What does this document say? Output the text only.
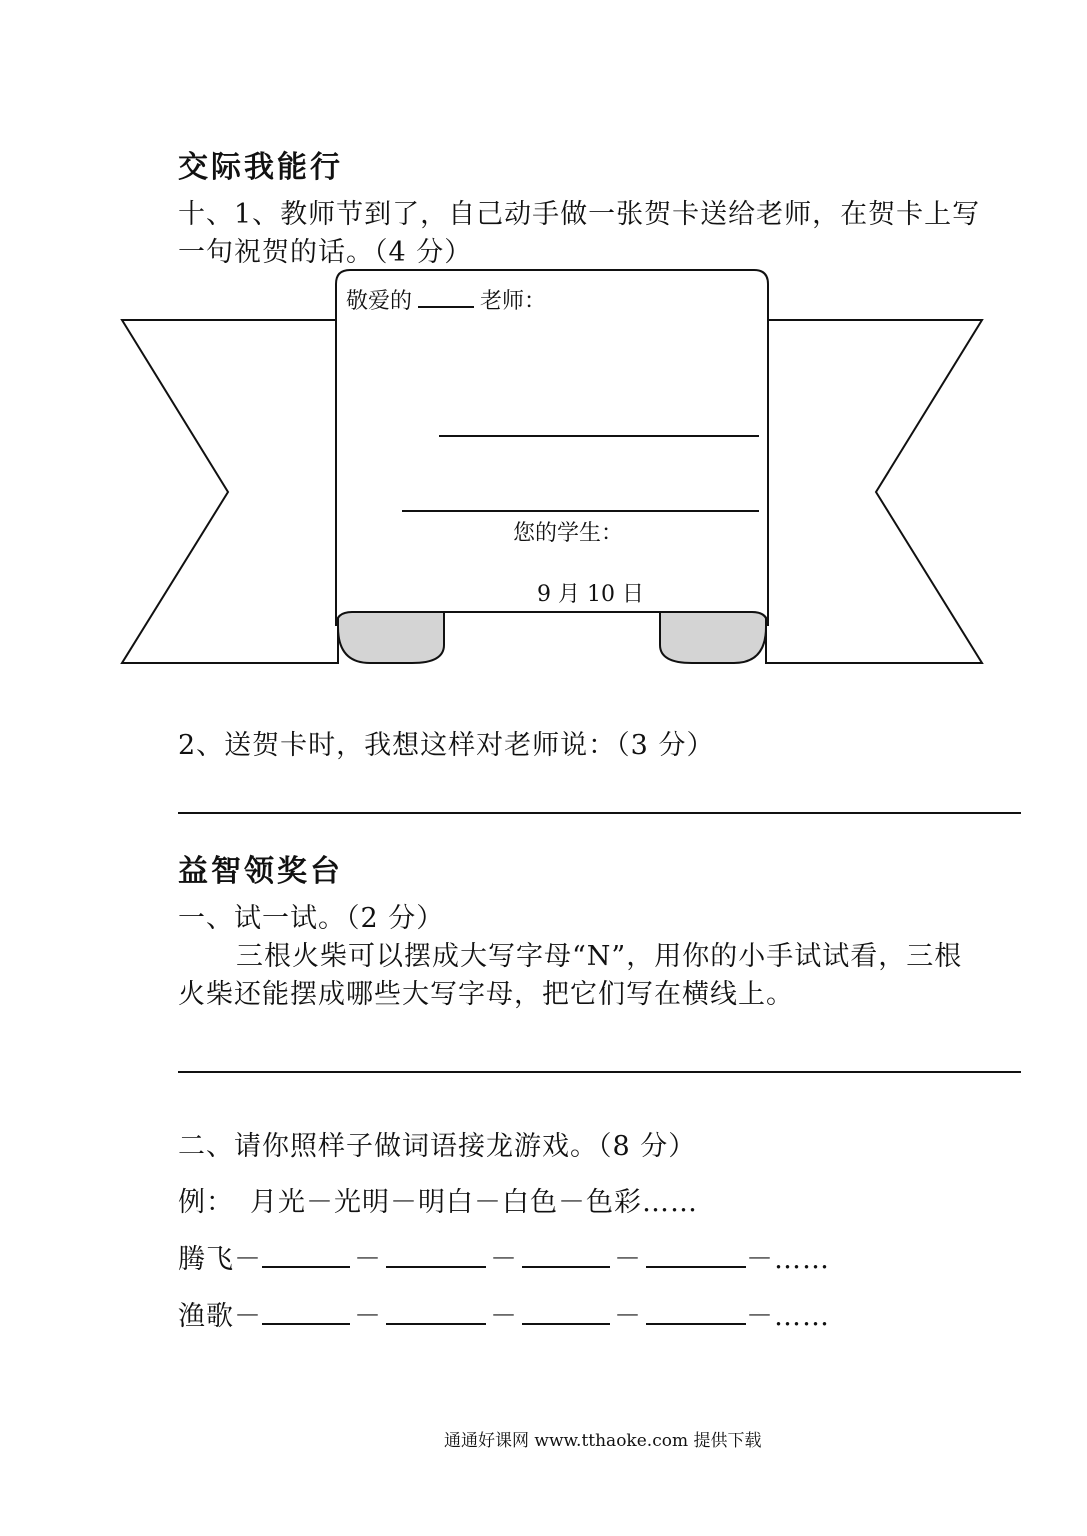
交际我能行
十、1、教师节到了，自己动手做一张贺卡送给老师，在贺卡上写
一句祝贺的话。（4 分）
敬爱的	老师：
您的学生：
9 月 10 日
2、送贺卡时，我想这样对老师说：（3 分）
益智领奖台
一、试一试。（2 分）
三根火柴可以摆成大写字母“N”，用你的小手试试看，三根
火柴还能摆成哪些大写字母，把它们写在横线上。
二、请你照样子做词语接龙游戏。（8 分）
例： 月光－光明－明白－白色－色彩……
腾飞－	－	－	－	－……
渔歌－	－	－	－	－……
通通好课网 www.tthaoke.com 提供下载
